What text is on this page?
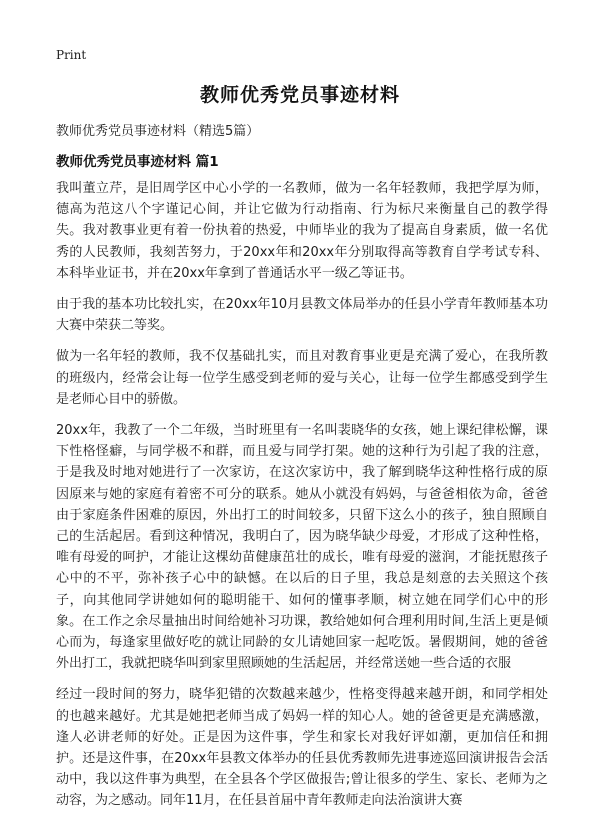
Print
教师优秀党员事迹材料
教师优秀党员事迹材料（精选5篇）
教师优秀党员事迹材料 篇1

我叫董立芹，是旧周学区中心小学的一名教师，做为一名年轻教师，我把学厚为师，德高为范这八个字谨记心间，并让它做为行动指南、行为标尺来衡量自己的教学得失。我对教事业更有着一份执着的热爱，中师毕业的我为了提高自身素质，做一名优秀的人民教师，我刻苦努力，于20xx年和20xx年分别取得高等教育自学考试专科、本科毕业证书，并在20xx年拿到了普通话水平一级乙等证书。

由于我的基本功比较扎实，在20xx年10月县教文体局举办的任县小学青年教师基本功大赛中荣获二等奖。

做为一名年轻的教师，我不仅基础扎实，而且对教育事业更是充满了爱心，在我所教的班级内，经常会让每一位学生感受到老师的爱与关心，让每一位学生都感受到学生是老师心目中的骄傲。

20xx年，我教了一个二年级，当时班里有一名叫裴晓华的女孩，她上课纪律松懈，课下性格怪癖，与同学极不和群，而且爱与同学打架。她的这种行为引起了我的注意，于是我及时地对她进行了一次家访，在这次家访中，我了解到晓华这种性格行成的原因原来与她的家庭有着密不可分的联系。她从小就没有妈妈，与爸爸相依为命，爸爸由于家庭条件困难的原因，外出打工的时间较多，只留下这么小的孩子，独自照顾自己的生活起居。看到这种情况，我明白了，因为晓华缺少母爱，才形成了这种性格，唯有母爱的呵护，才能让这棵幼苗健康茁壮的成长，唯有母爱的滋润，才能抚慰孩子心中的不平，弥补孩子心中的缺憾。在以后的日子里，我总是刻意的去关照这个孩子，向其他同学讲她如何的聪明能干、如何的懂事孝顺，树立她在同学们心中的形象。在工作之余尽量抽出时间给她补习功课，教给她如何合理利用时间,生活上更是倾心而为，每逢家里做好吃的就让同龄的女儿请她回家一起吃饭。暑假期间，她的爸爸外出打工，我就把晓华叫到家里照顾她的生活起居，并经常送她一些合适的衣服

经过一段时间的努力，晓华犯错的次数越来越少，性格变得越来越开朗，和同学相处的也越来越好。尤其是她把老师当成了妈妈一样的知心人。她的爸爸更是充满感激，逢人必讲老师的好处。正是因为这件事，学生和家长对我好评如潮，更加信任和拥护。还是这件事，在20xx年县教文体举办的任县优秀教师先进事迹巡回演讲报告会活动中，我以这件事为典型，在全县各个学区做报告;曾让很多的学生、家长、老师为之动容，为之感动。同年11月，在任县首届中青年教师走向法治演讲大赛
